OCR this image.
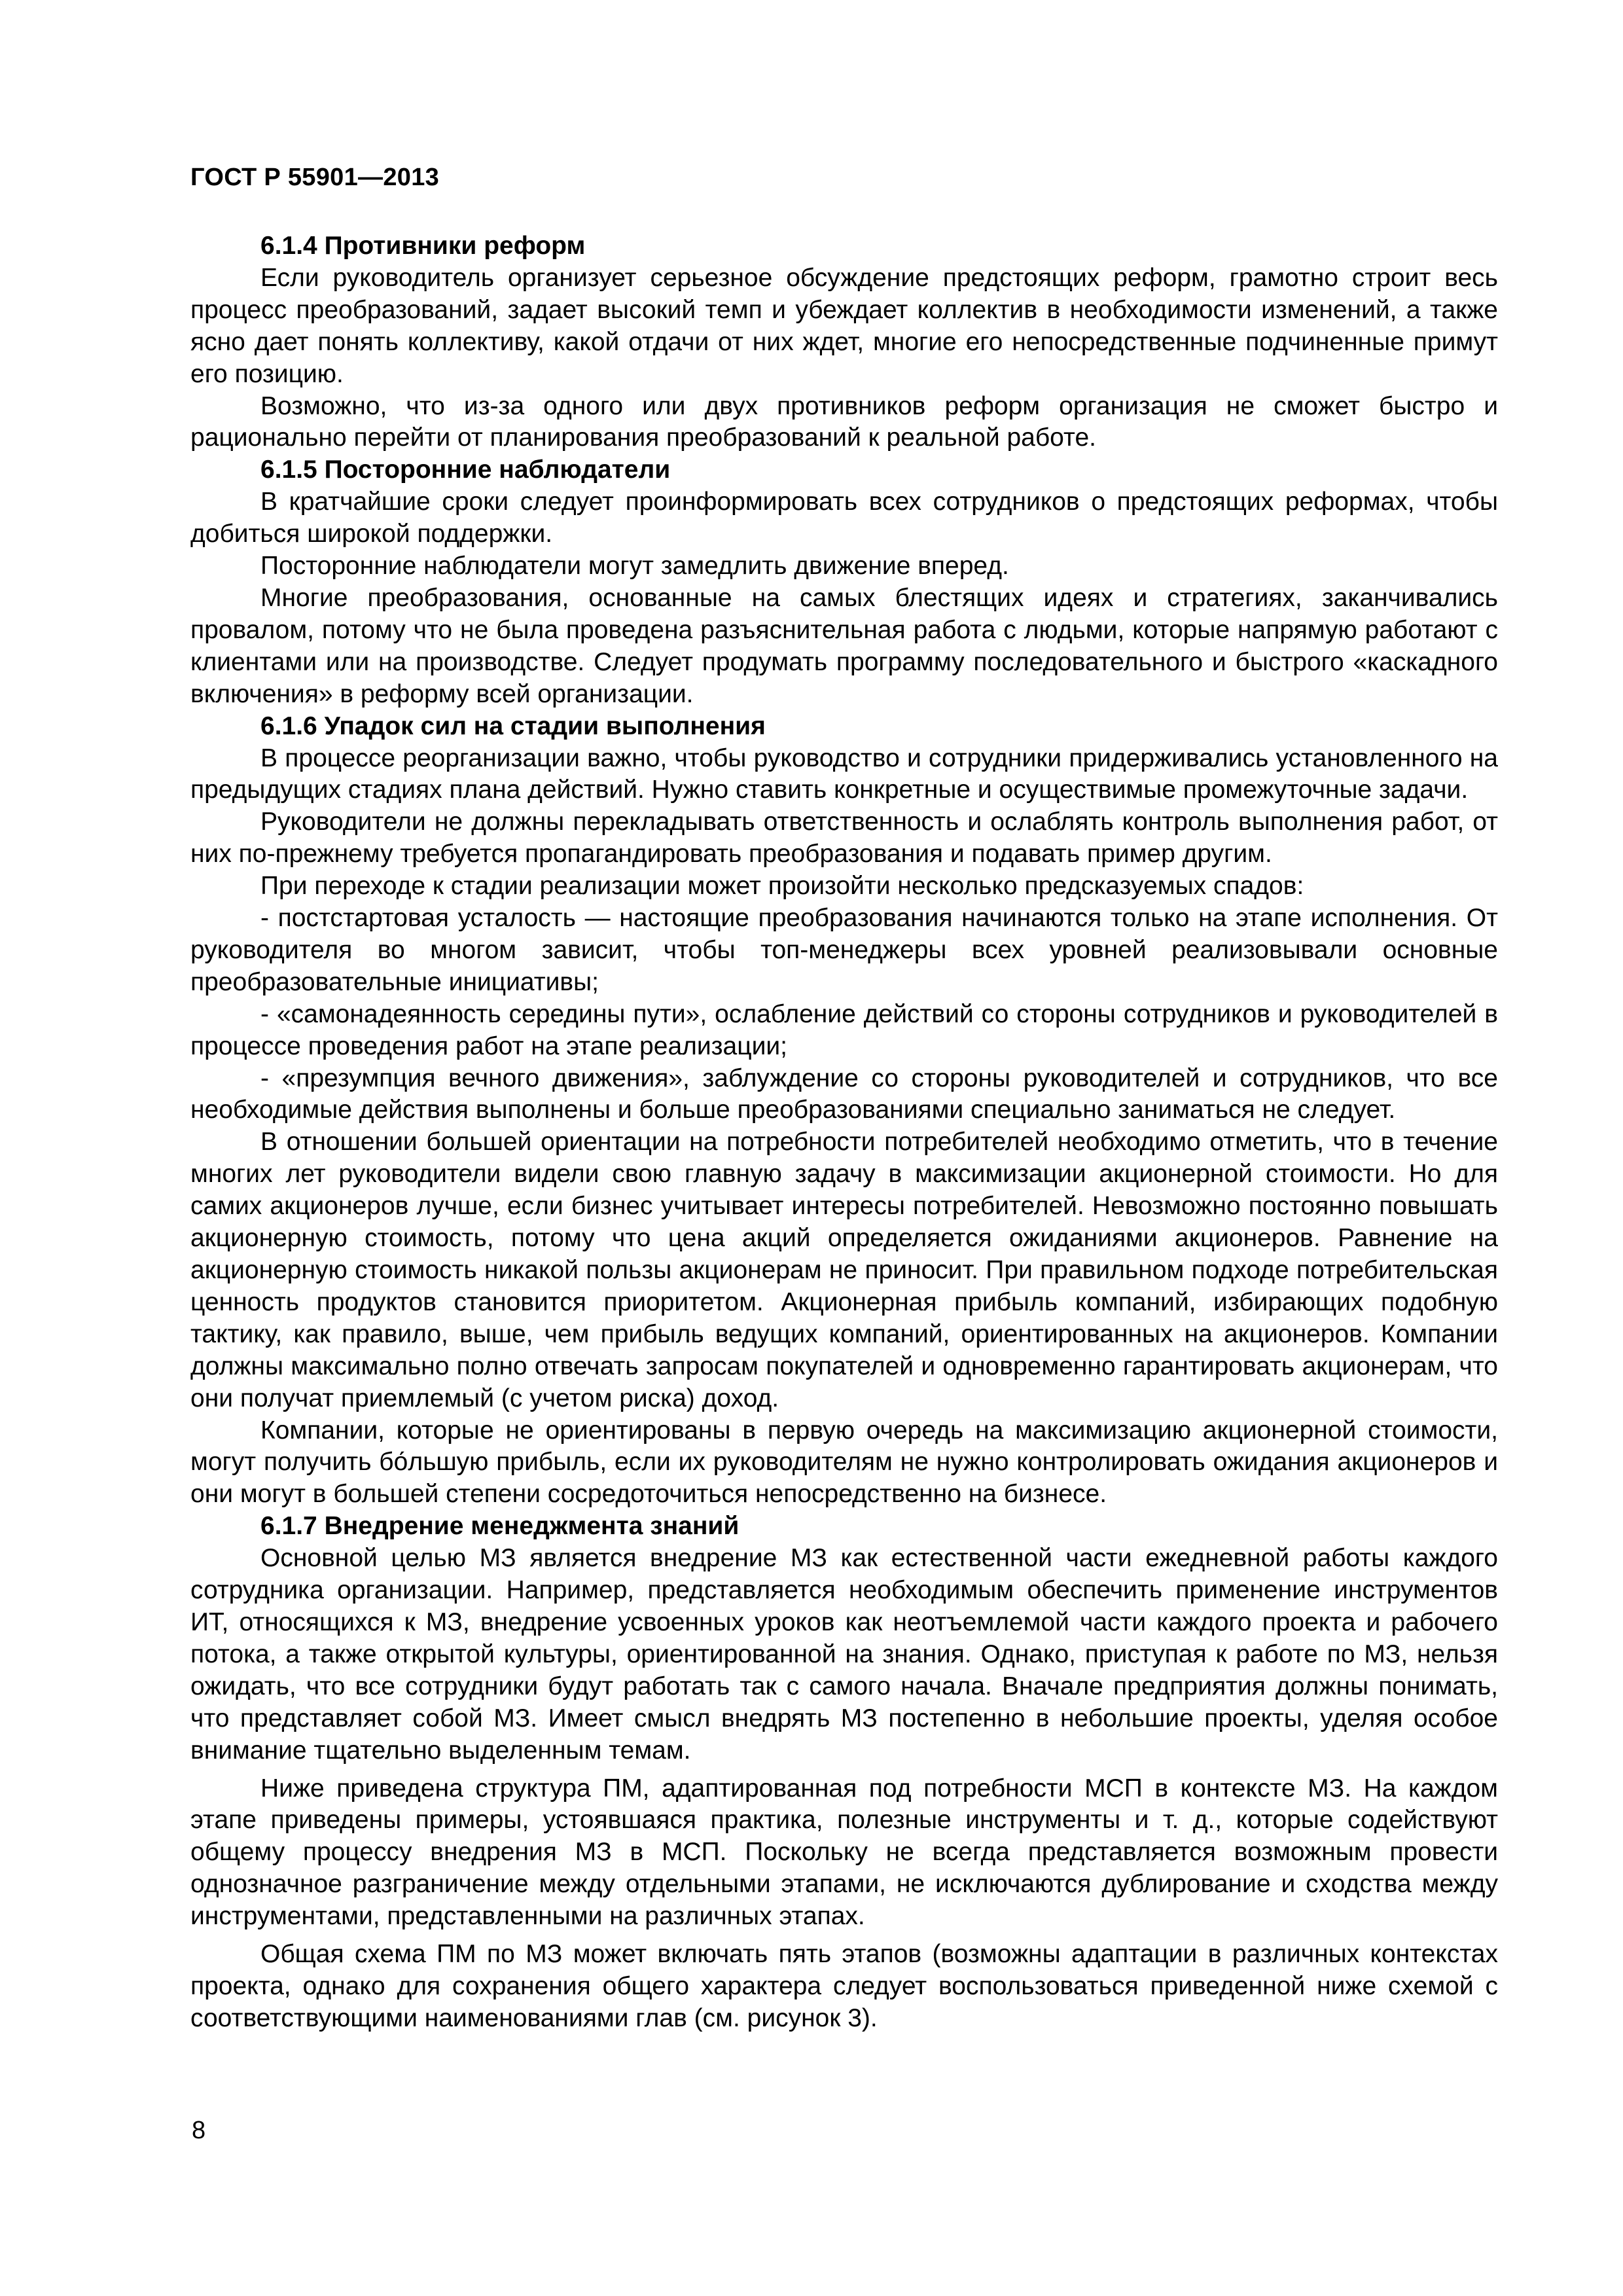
ГОСТ Р 55901—2013
6.1.4 Противники реформ

Если руководитель организует серьезное обсуждение предстоящих реформ, грамотно строит весь процесс преобразований, задает высокий темп и убеждает коллектив в необходимости изменений, а также ясно дает понять коллективу, какой отдачи от них ждет, многие его непосредственные подчиненные примут его позицию.

Возможно, что из-за одного или двух противников реформ организация не сможет быстро и рационально перейти от планирования преобразований к реальной работе.

6.1.5 Посторонние наблюдатели

В кратчайшие сроки следует проинформировать всех сотрудников о предстоящих реформах, чтобы добиться широкой поддержки.

Посторонние наблюдатели могут замедлить движение вперед.

Многие преобразования, основанные на самых блестящих идеях и стратегиях, заканчивались провалом, потому что не была проведена разъяснительная работа с людьми, которые напрямую работают с клиентами или на производстве. Следует продумать программу последовательного и быстрого «каскадного включения» в реформу всей организации.

6.1.6 Упадок сил на стадии выполнения

В процессе реорганизации важно, чтобы руководство и сотрудники придерживались установленного на предыдущих стадиях плана действий. Нужно ставить конкретные и осуществимые промежуточные задачи.

Руководители не должны перекладывать ответственность и ослаблять контроль выполнения работ, от них по-прежнему требуется пропагандировать преобразования и подавать пример другим.

При переходе к стадии реализации может произойти несколько предсказуемых спадов:

- постстартовая усталость — настоящие преобразования начинаются только на этапе исполнения. От руководителя во многом зависит, чтобы топ-менеджеры всех уровней реализовывали основные преобразовательные инициативы;

- «самонадеянность середины пути», ослабление действий со стороны сотрудников и руководителей в процессе проведения работ на этапе реализации;

- «презумпция вечного движения», заблуждение со стороны руководителей и сотрудников, что все необходимые действия выполнены и больше преобразованиями специально заниматься не следует.

В отношении большей ориентации на потребности потребителей необходимо отметить, что в течение многих лет руководители видели свою главную задачу в максимизации акционерной стоимости. Но для самих акционеров лучше, если бизнес учитывает интересы потребителей. Невозможно постоянно повышать акционерную стоимость, потому что цена акций определяется ожиданиями акционеров. Равнение на акционерную стоимость никакой пользы акционерам не приносит. При правильном подходе потребительская ценность продуктов становится приоритетом. Акционерная прибыль компаний, избирающих подобную тактику, как правило, выше, чем прибыль ведущих компаний, ориентированных на акционеров. Компании должны максимально полно отвечать запросам покупателей и одновременно гарантировать акционерам, что они получат приемлемый (с учетом риска) доход.

Компании, которые не ориентированы в первую очередь на максимизацию акционерной стоимости, могут получить бо́льшую прибыль, если их руководителям не нужно контролировать ожидания акционеров и они могут в большей степени сосредоточиться непосредственно на бизнесе.

6.1.7 Внедрение менеджмента знаний

Основной целью МЗ является внедрение МЗ как естественной части ежедневной работы каждого сотрудника организации. Например, представляется необходимым обеспечить применение инструментов ИТ, относящихся к МЗ, внедрение усвоенных уроков как неотъемлемой части каждого проекта и рабочего потока, а также открытой культуры, ориентированной на знания. Однако, приступая к работе по МЗ, нельзя ожидать, что все сотрудники будут работать так с самого начала. Вначале предприятия должны понимать, что представляет собой МЗ. Имеет смысл внедрять МЗ постепенно в небольшие проекты, уделяя особое внимание тщательно выделенным темам.

Ниже приведена структура ПМ, адаптированная под потребности МСП в контексте МЗ. На каждом этапе приведены примеры, устоявшаяся практика, полезные инструменты и т. д., которые содействуют общему процессу внедрения МЗ в МСП. Поскольку не всегда представляется возможным провести однозначное разграничение между отдельными этапами, не исключаются дублирование и сходства между инструментами, представленными на различных этапах.

Общая схема ПМ по МЗ может включать пять этапов (возможны адаптации в различных контекстах проекта, однако для сохранения общего характера следует воспользоваться приведенной ниже схемой с соответствующими наименованиями глав (см. рисунок 3).

8
